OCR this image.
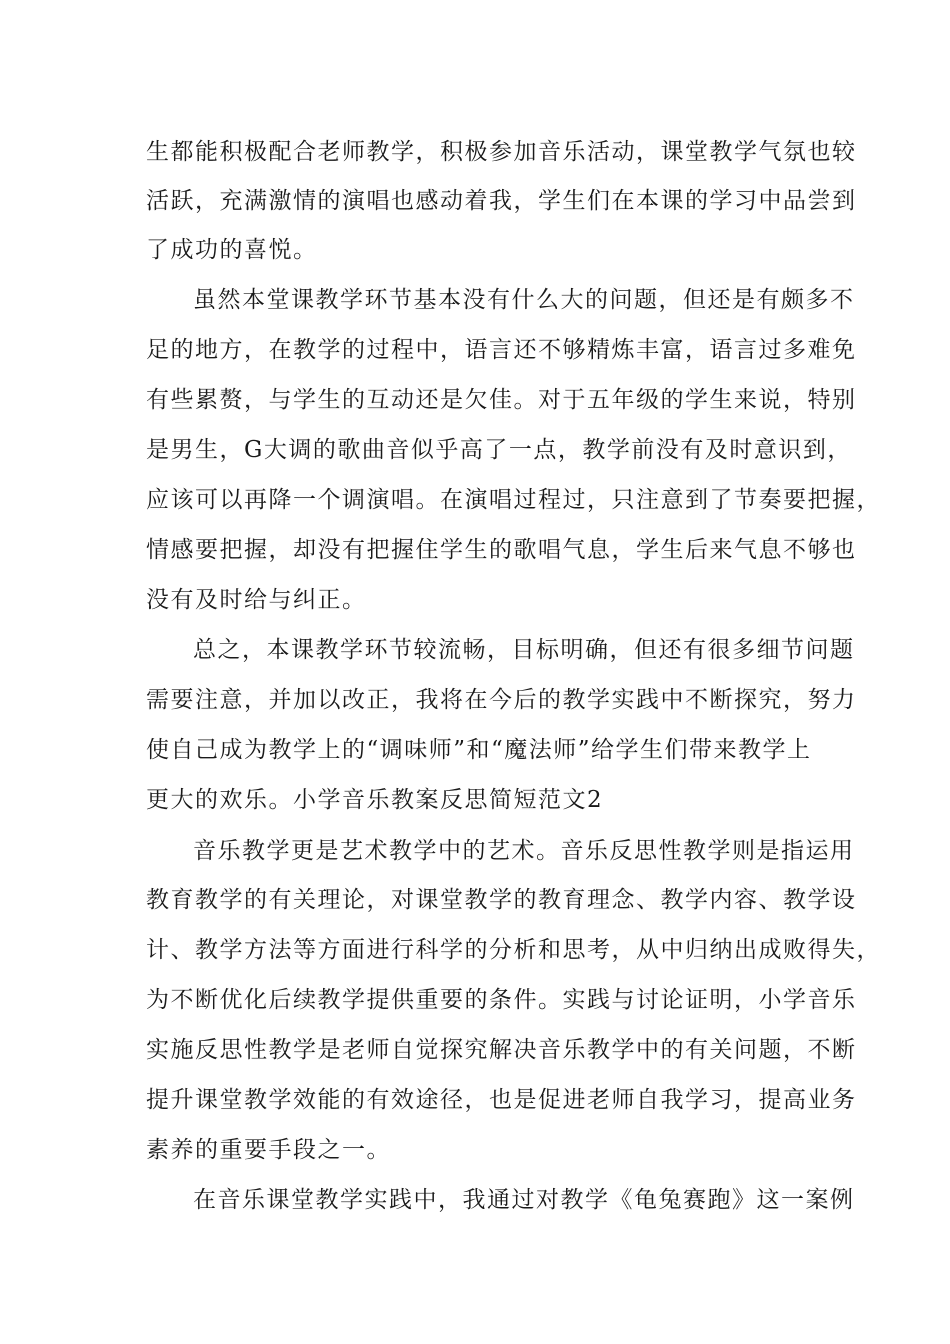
生都能积极配合老师教学，积极参加音乐活动，课堂教学气氛也较
活跃，充满激情的演唱也感动着我，学生们在本课的学习中品尝到
了成功的喜悦。
虽然本堂课教学环节基本没有什么大的问题，但还是有颇多不
足的地方，在教学的过程中，语言还不够精炼丰富，语言过多难免
有些累赘，与学生的互动还是欠佳。对于五年级的学生来说，特别
是男生，G大调的歌曲音似乎高了一点，教学前没有及时意识到，
应该可以再降一个调演唱。在演唱过程过，只注意到了节奏要把握，
情感要把握，却没有把握住学生的歌唱气息，学生后来气息不够也
没有及时给与纠正。
总之，本课教学环节较流畅，目标明确，但还有很多细节问题
需要注意，并加以改正，我将在今后的教学实践中不断探究，努力
使自己成为教学上的“调味师”和“魔法师”给学生们带来教学上
更大的欢乐。小学音乐教案反思简短范文2
音乐教学更是艺术教学中的艺术。音乐反思性教学则是指运用
教育教学的有关理论，对课堂教学的教育理念、教学内容、教学设
计、教学方法等方面进行科学的分析和思考，从中归纳出成败得失，
为不断优化后续教学提供重要的条件。实践与讨论证明，小学音乐
实施反思性教学是老师自觉探究解决音乐教学中的有关问题，不断
提升课堂教学效能的有效途径，也是促进老师自我学习，提高业务
素养的重要手段之一。
在音乐课堂教学实践中，我通过对教学《龟兔赛跑》这一案例
